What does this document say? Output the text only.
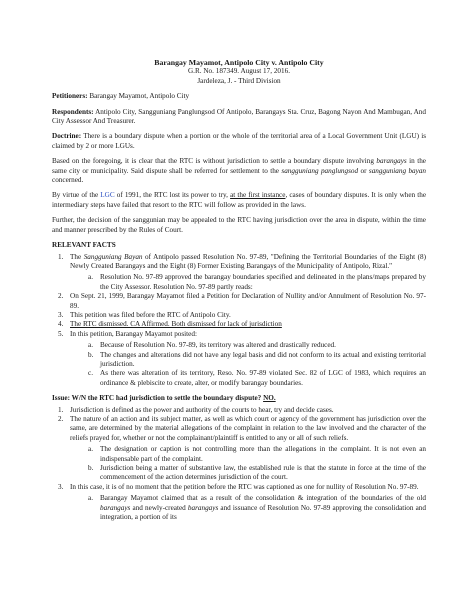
Barangay Mayamot, Antipolo City v. Antipolo City
G.R. No. 187349. August 17, 2016.
Jardeleza, J. - Third Division
Petitioners: Barangay Mayamot, Antipolo City
Respondents: Antipolo City, Sangguniang Panglungsod Of Antipolo, Barangays Sta. Cruz, Bagong Nayon And Mambugan, And City Assessor And Treasurer.
Doctrine: There is a boundary dispute when a portion or the whole of the territorial area of a Local Government Unit (LGU) is claimed by 2 or more LGUs.
Based on the foregoing, it is clear that the RTC is without jurisdiction to settle a boundary dispute involving barangays in the same city or municipality. Said dispute shall be referred for settlement to the sangguniang panglungsod or sangguniang bayan concerned.
By virtue of the LGC of 1991, the RTC lost its power to try, at the first instance, cases of boundary disputes. It is only when the intermediary steps have failed that resort to the RTC will follow as provided in the laws.
Further, the decision of the sanggunian may be appealed to the RTC having jurisdiction over the area in dispute, within the time and manner prescribed by the Rules of Court.
RELEVANT FACTS
1. The Sangguniang Bayan of Antipolo passed Resolution No. 97-89, "Defining the Territorial Boundaries of the Eight (8) Newly Created Barangays and the Eight (8) Former Existing Barangays of the Municipality of Antipolo, Rizal."
a. Resolution No. 97-89 approved the barangay boundaries specified and delineated in the plans/maps prepared by the City Assessor. Resolution No. 97-89 partly reads:
2. On Sept. 21, 1999, Barangay Mayamot filed a Petition for Declaration of Nullity and/or Annulment of Resolution No. 97-89.
3. This petition was filed before the RTC of Antipolo City.
4. The RTC dismissed. CA Affirmed. Both dismissed for lack of jurisdiction
5. In this petition, Barangay Mayamot posited:
a. Because of Resolution No. 97-89, its territory was altered and drastically reduced.
b. The changes and alterations did not have any legal basis and did not conform to its actual and existing territorial jurisdiction.
c. As there was alteration of its territory, Reso. No. 97-89 violated Sec. 82 of LGC of 1983, which requires an ordinance & plebiscite to create, alter, or modify barangay boundaries.
Issue: W/N the RTC had jurisdiction to settle the boundary dispute? NO.
1. Jurisdiction is defined as the power and authority of the courts to hear, try and decide cases.
2. The nature of an action and its subject matter, as well as which court or agency of the government has jurisdiction over the same, are determined by the material allegations of the complaint in relation to the law involved and the character of the reliefs prayed for, whether or not the complainant/plaintiff is entitled to any or all of such reliefs.
a. The designation or caption is not controlling more than the allegations in the complaint. It is not even an indispensable part of the complaint.
b. Jurisdiction being a matter of substantive law, the established rule is that the statute in force at the time of the commencement of the action determines jurisdiction of the court.
3. In this case, it is of no moment that the petition before the RTC was captioned as one for nullity of Resolution No. 97-89.
a. Barangay Mayamot claimed that as a result of the consolidation & integration of the boundaries of the old barangays and newly-created barangays and issuance of Resolution No. 97-89 approving the consolidation and integration, a portion of its
